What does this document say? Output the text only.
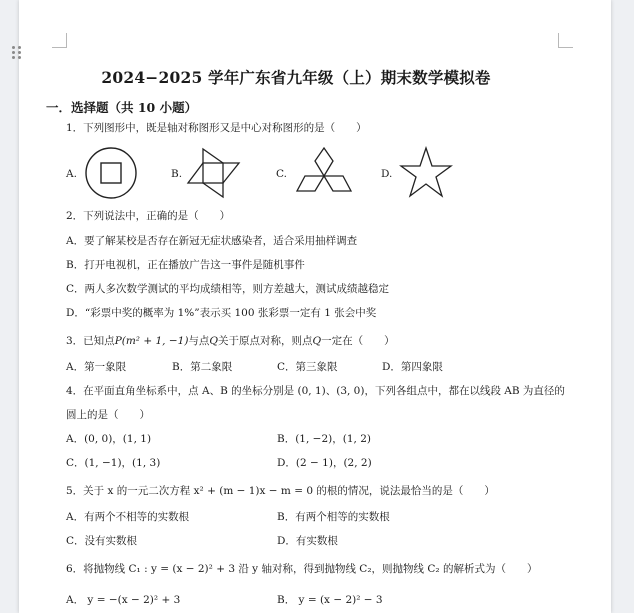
2024−2025 学年广东省九年级（上）期末数学模拟卷
一．选择题（共 10 小题）
1．下列图形中，既是轴对称图形又是中心对称图形的是（　　）
A.	B.	C.	D.
2．下列说法中，正确的是（　　）
A．要了解某校是否存在新冠无症状感染者，适合采用抽样调查
B．打开电视机，正在播放广告这一事件是随机事件
C．两人多次数学测试的平均成绩相等，则方差越大，测试成绩越稳定
D．“彩票中奖的概率为 1%”表示买 100 张彩票一定有 1 张会中奖
3．已知点P(m² + 1, −1)与点Q关于原点对称，则点Q一定在（　　）
A．第一象限	B．第二象限	C．第三象限	D．第四象限
4．在平面直角坐标系中，点 A、B 的坐标分别是 (0, 1)、(3, 0)，下列各组点中，都在以线段 AB 为直径的
圆上的是（　　）
A．(0, 0)，(1, 1)	B．(1, −2)，(1, 2)
C．(1, −1)，(1, 3)	D．(2 − 1)，(2, 2)
5．关于 x 的一元二次方程 x² + (m − 1)x − m = 0 的根的情况，说法最恰当的是（　　）
A．有两个不相等的实数根	B．有两个相等的实数根
C．没有实数根	D．有实数根
6．将抛物线 C₁ : y = (x − 2)² + 3 沿 y 轴对称，得到抛物线 C₂，则抛物线 C₂ 的解析式为（　　）
A． y = −(x − 2)² + 3	B． y = (x − 2)² − 3
